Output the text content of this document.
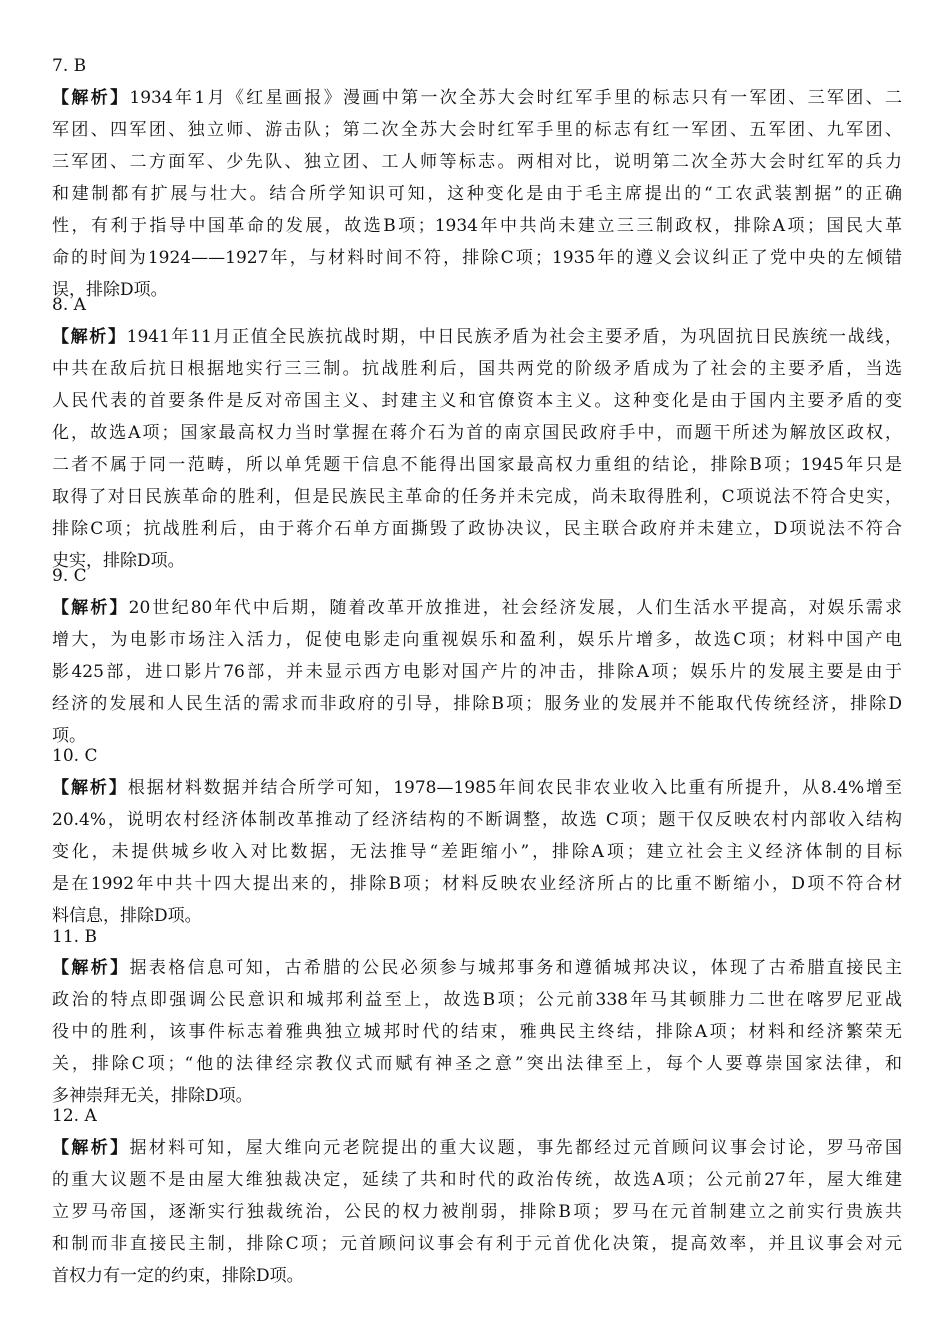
7. B
【解析】1934年1月《红星画报》漫画中第一次全苏大会时红军手里的标志只有一军团、三军团、二
军团、四军团、独立师、游击队；第二次全苏大会时红军手里的标志有红一军团、五军团、九军团、
三军团、二方面军、少先队、独立团、工人师等标志。两相对比，说明第二次全苏大会时红军的兵力
和建制都有扩展与壮大。结合所学知识可知，这种变化是由于毛主席提出的“工农武装割据”的正确
性，有利于指导中国革命的发展，故选B项；1934年中共尚未建立三三制政权，排除A项；国民大革
命的时间为1924——1927年，与材料时间不符，排除C项；1935年的遵义会议纠正了党中央的左倾错
误，排除D项。
8. A
【解析】1941年11月正值全民族抗战时期，中日民族矛盾为社会主要矛盾，为巩固抗日民族统一战线，
中共在敌后抗日根据地实行三三制。抗战胜利后，国共两党的阶级矛盾成为了社会的主要矛盾，当选
人民代表的首要条件是反对帝国主义、封建主义和官僚资本主义。这种变化是由于国内主要矛盾的变
化，故选A项；国家最高权力当时掌握在蒋介石为首的南京国民政府手中，而题干所述为解放区政权，
二者不属于同一范畴，所以单凭题干信息不能得出国家最高权力重组的结论，排除B项；1945年只是
取得了对日民族革命的胜利，但是民族民主革命的任务并未完成，尚未取得胜利，C项说法不符合史实，
排除C项；抗战胜利后，由于蒋介石单方面撕毁了政协决议，民主联合政府并未建立，D项说法不符合
史实，排除D项。
9. C
【解析】20世纪80年代中后期，随着改革开放推进，社会经济发展，人们生活水平提高，对娱乐需求
增大，为电影市场注入活力，促使电影走向重视娱乐和盈利，娱乐片增多，故选C项；材料中国产电
影425部，进口影片76部，并未显示西方电影对国产片的冲击，排除A项；娱乐片的发展主要是由于
经济的发展和人民生活的需求而非政府的引导，排除B项；服务业的发展并不能取代传统经济，排除D
项。
10. C
【解析】根据材料数据并结合所学可知，1978—1985年间农民非农业收入比重有所提升，从8.4%增至
20.4%，说明农村经济体制改革推动了经济结构的不断调整，故选 C项；题干仅反映农村内部收入结构
变化，未提供城乡收入对比数据，无法推导“差距缩小”，排除A项；建立社会主义经济体制的目标
是在1992年中共十四大提出来的，排除B项；材料反映农业经济所占的比重不断缩小，D项不符合材
料信息，排除D项。
11. B
【解析】据表格信息可知，古希腊的公民必须参与城邦事务和遵循城邦决议，体现了古希腊直接民主
政治的特点即强调公民意识和城邦利益至上，故选B项；公元前338年马其顿腓力二世在喀罗尼亚战
役中的胜利，该事件标志着雅典独立城邦时代的结束，雅典民主终结，排除A项；材料和经济繁荣无
关，排除C项；“他的法律经宗教仪式而赋有神圣之意”突出法律至上，每个人要尊崇国家法律，和
多神崇拜无关，排除D项。
12. A
【解析】据材料可知，屋大维向元老院提出的重大议题，事先都经过元首顾问议事会讨论，罗马帝国
的重大议题不是由屋大维独裁决定，延续了共和时代的政治传统，故选A项；公元前27年，屋大维建
立罗马帝国，逐渐实行独裁统治，公民的权力被削弱，排除B项；罗马在元首制建立之前实行贵族共
和制而非直接民主制，排除C项；元首顾问议事会有利于元首优化决策，提高效率，并且议事会对元
首权力有一定的约束，排除D项。
